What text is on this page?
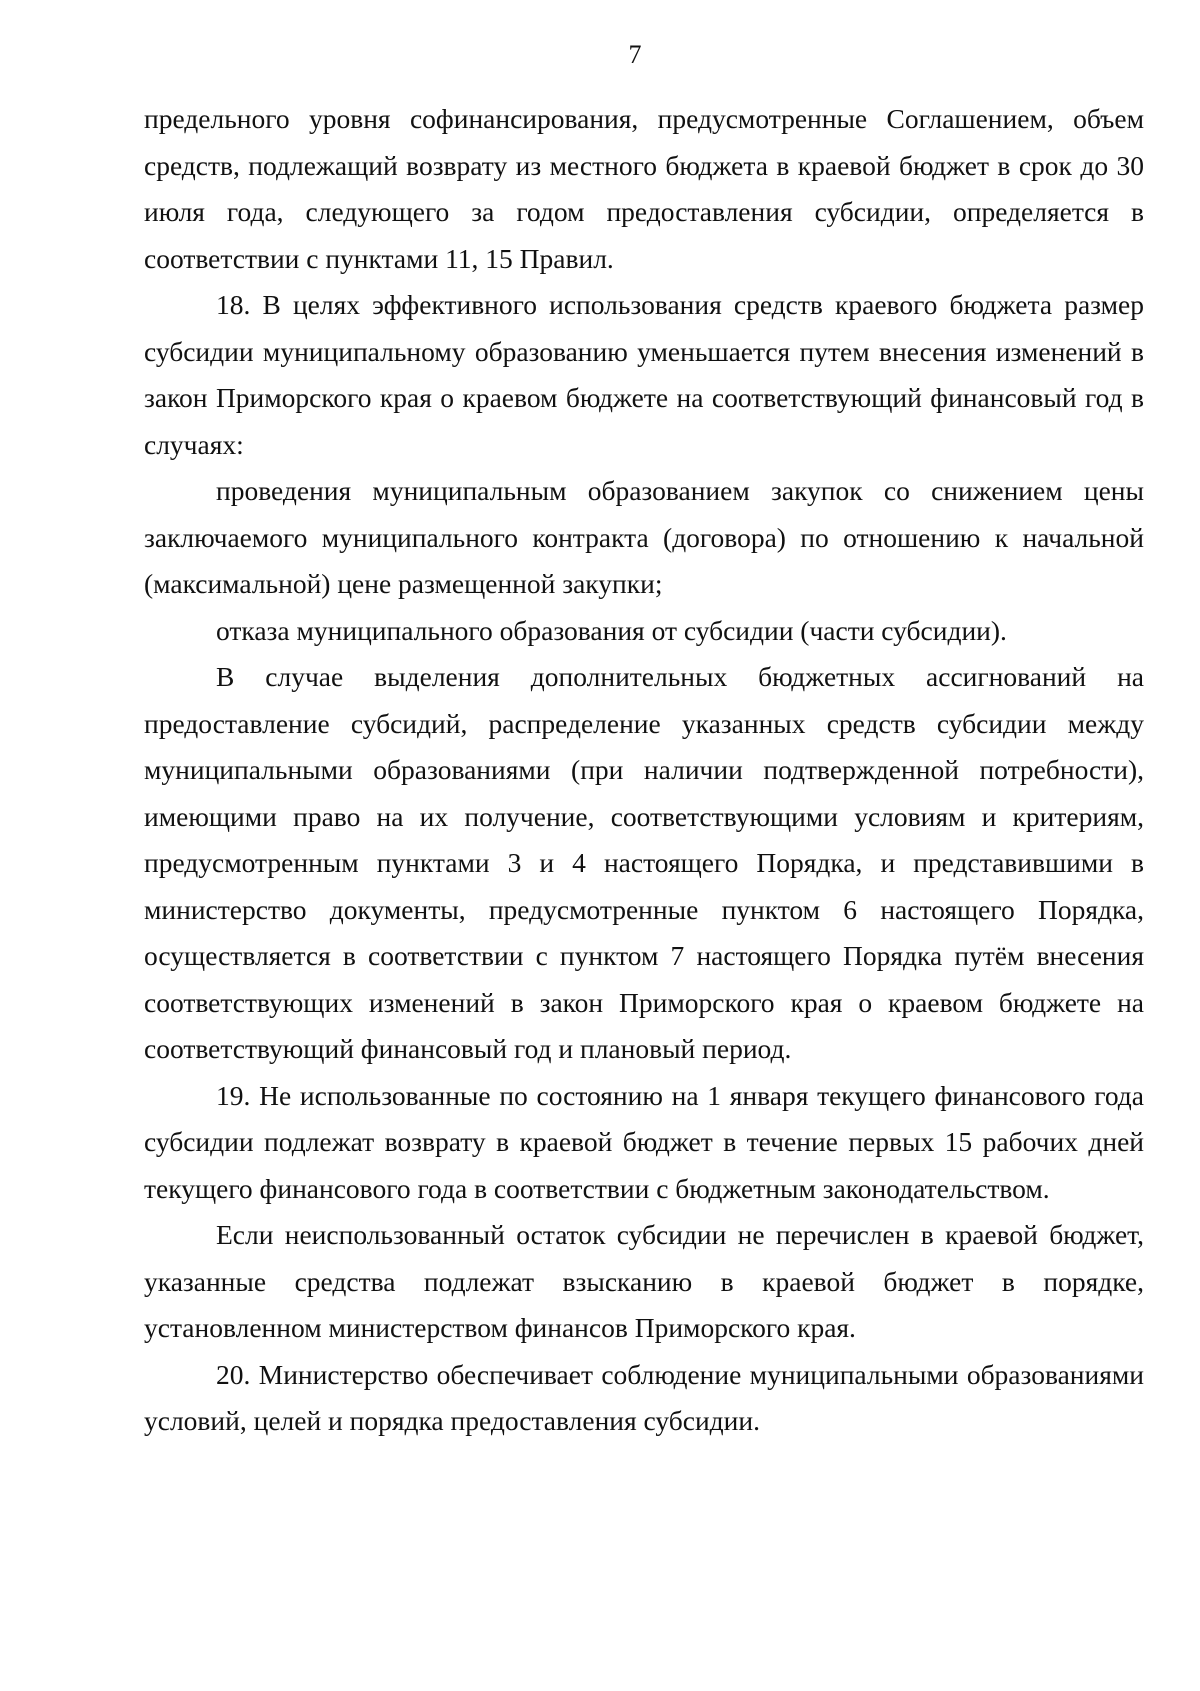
7

предельного уровня софинансирования, предусмотренные Соглашением, объем средств, подлежащий возврату из местного бюджета в краевой бюджет в срок до 30 июля года, следующего за годом предоставления субсидии, определяется в соответствии с пунктами 11, 15 Правил.

18. В целях эффективного использования средств краевого бюджета размер субсидии муниципальному образованию уменьшается путем внесения изменений в закон Приморского края о краевом бюджете на соответствующий финансовый год в случаях:

проведения муниципальным образованием закупок со снижением цены заключаемого муниципального контракта (договора) по отношению к начальной (максимальной) цене размещенной закупки;

отказа муниципального образования от субсидии (части субсидии).

В случае выделения дополнительных бюджетных ассигнований на предоставление субсидий, распределение указанных средств субсидии между муниципальными образованиями (при наличии подтвержденной потребности), имеющими право на их получение, соответствующими условиям и критериям, предусмотренным пунктами 3 и 4 настоящего Порядка, и представившими в министерство документы, предусмотренные пунктом 6 настоящего Порядка, осуществляется в соответствии с пунктом 7 настоящего Порядка путём внесения соответствующих изменений в закон Приморского края о краевом бюджете на соответствующий финансовый год и плановый период.

19. Не использованные по состоянию на 1 января текущего финансового года субсидии подлежат возврату в краевой бюджет в течение первых 15 рабочих дней текущего финансового года в соответствии с бюджетным законодательством.

Если неиспользованный остаток субсидии не перечислен в краевой бюджет, указанные средства подлежат взысканию в краевой бюджет в порядке, установленном министерством финансов Приморского края.

20. Министерство обеспечивает соблюдение муниципальными образованиями условий, целей и порядка предоставления субсидии.
